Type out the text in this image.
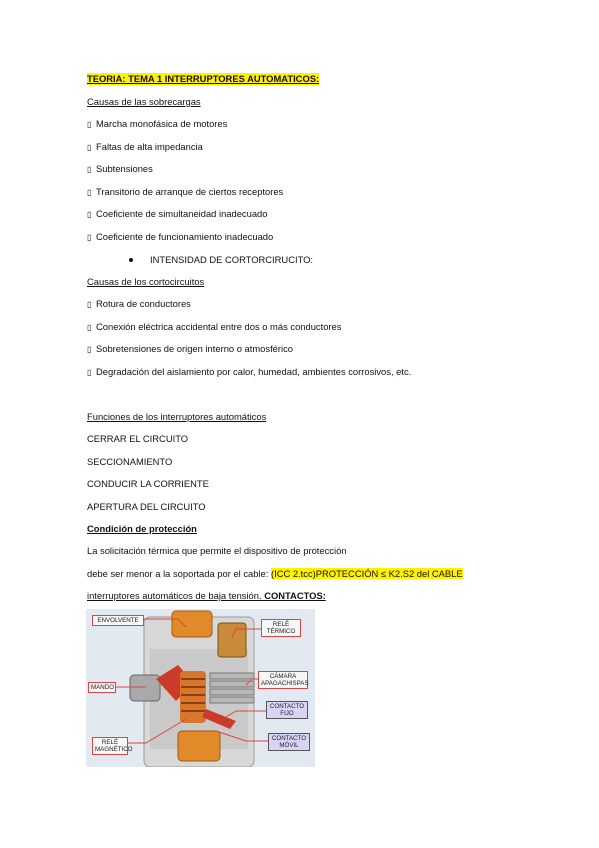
TEORIA: TEMA 1 INTERRUPTORES AUTOMATICOS:
Causas de las sobrecargas
▯ Marcha monofásica de motores
▯ Faltas de alta impedancia
▯ Subtensiones
▯ Transitorio de arranque de ciertos receptores
▯ Coeficiente de simultaneidad inadecuado
▯ Coeficiente de funcionamiento inadecuado
INTENSIDAD DE CORTORCIRUCITO:
Causas de los cortocircuitos
▯ Rotura de conductores
▯ Conexión eléctrica accidental entre dos o más conductores
▯ Sobretensiones de origen interno o atmosférico
▯ Degradación del aislamiento por calor, humedad, ambientes corrosivos, etc.
Funciones de los interruptores automáticos
CERRAR EL CIRCUITO
SECCIONAMIENTO
CONDUCIR LA CORRIENTE
APERTURA DEL CIRCUITO
Condición de protección
La solicitación térmica que permite el dispositivo de protección
debe ser menor a la soportada por el cable: (ICC 2.tcc)PROTECCIÓN ≤ K2.S2 del CABLE
interruptores automáticos de baja tensión. CONTACTOS:
ENVOLVENTE
RELÉ TÉRMICO
MANDO
CÁMARA APAGACHISPAS
CONTACTO FIJO
RELÉ MAGNÉTICO
CONTACTO MÓVIL
